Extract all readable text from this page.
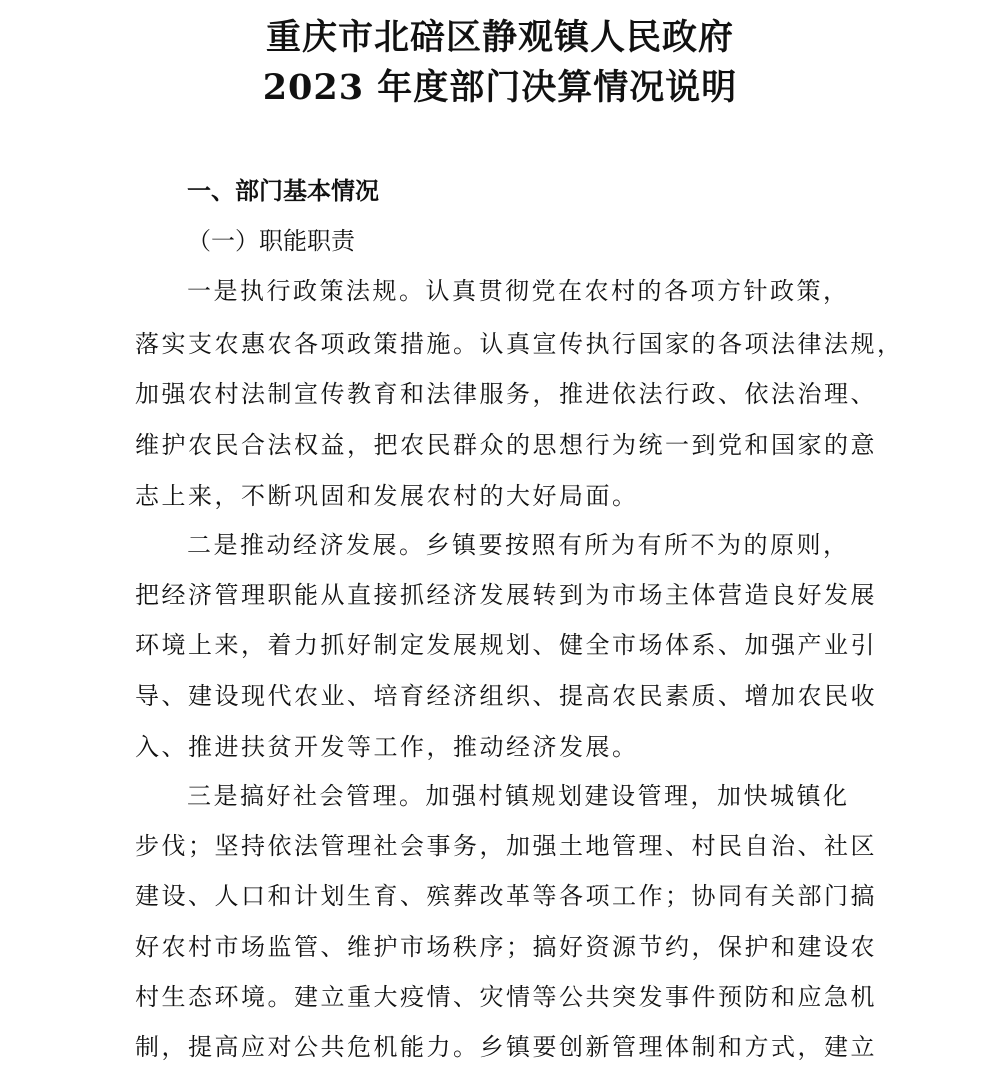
重庆市北碚区静观镇人民政府
2023 年度部门决算情况说明
一、部门基本情况
（一）职能职责
一是执行政策法规。认真贯彻党在农村的各项方针政策，
落实支农惠农各项政策措施。认真宣传执行国家的各项法律法规，
加强农村法制宣传教育和法律服务，推进依法行政、依法治理、
维护农民合法权益，把农民群众的思想行为统一到党和国家的意
志上来，不断巩固和发展农村的大好局面。
二是推动经济发展。乡镇要按照有所为有所不为的原则，
把经济管理职能从直接抓经济发展转到为市场主体营造良好发展
环境上来，着力抓好制定发展规划、健全市场体系、加强产业引
导、建设现代农业、培育经济组织、提高农民素质、增加农民收
入、推进扶贫开发等工作，推动经济发展。
三是搞好社会管理。加强村镇规划建设管理，加快城镇化
步伐；坚持依法管理社会事务，加强土地管理、村民自治、社区
建设、人口和计划生育、殡葬改革等各项工作；协同有关部门搞
好农村市场监管、维护市场秩序；搞好资源节约，保护和建设农
村生态环境。建立重大疫情、灾情等公共突发事件预防和应急机
制，提高应对公共危机能力。乡镇要创新管理体制和方式，建立
